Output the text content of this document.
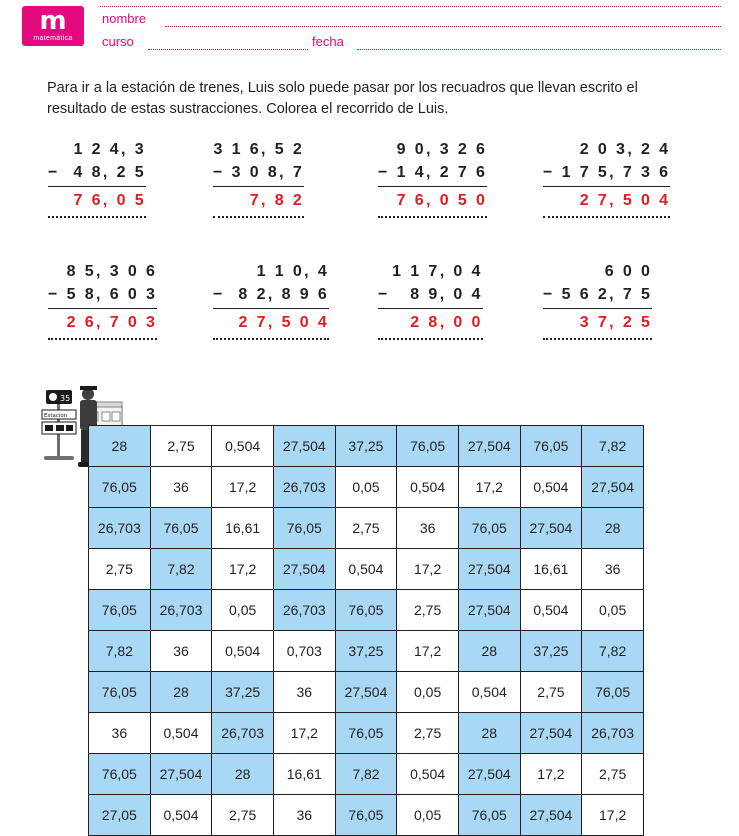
m
matemática
nombre
curso	fecha
Para ir a la estación de trenes, Luis solo puede pasar por los recuadros que llevan escrito el resultado de estas sustracciones. Colorea el recorrido de Luis.
1 2 4, 3
−  4 8, 2 5
7 6, 0 5
3 1 6, 5 2
− 3 0 8, 7
7, 8 2
9 0, 3 2 6
− 1 4, 2 7 6
7 6, 0 5 0
2 0 3, 2 4
− 1 7 5, 7 3 6
2 7, 5 0 4
8 5, 3 0 6
− 5 8, 6 0 3
2 6, 7 0 3
1 1 0, 4
−  8 2, 8 9 6
2 7, 5 0 4
1 1 7, 0 4
−   8 9, 0 4
2 8, 0 0
6 0 0
− 5 6 2, 7 5
3 7, 2 5
35
Estación
28	2,75	0,504	27,504	37,25	76,05	27,504	76,05	7,82
76,05	36	17,2	26,703	0,05	0,504	17,2	0,504	27,504
26,703	76,05	16,61	76,05	2,75	36	76,05	27,504	28
2,75	7,82	17,2	27,504	0,504	17,2	27,504	16,61	36
76,05	26,703	0,05	26,703	76,05	2,75	27,504	0,504	0,05
7,82	36	0,504	0,703	37,25	17,2	28	37,25	7,82
76,05	28	37,25	36	27,504	0,05	0,504	2,75	76,05
36	0,504	26,703	17,2	76,05	2,75	28	27,504	26,703
76,05	27,504	28	16,61	7,82	0,504	27,504	17,2	2,75
27,05	0,504	2,75	36	76,05	0,05	76,05	27,504	17,2
